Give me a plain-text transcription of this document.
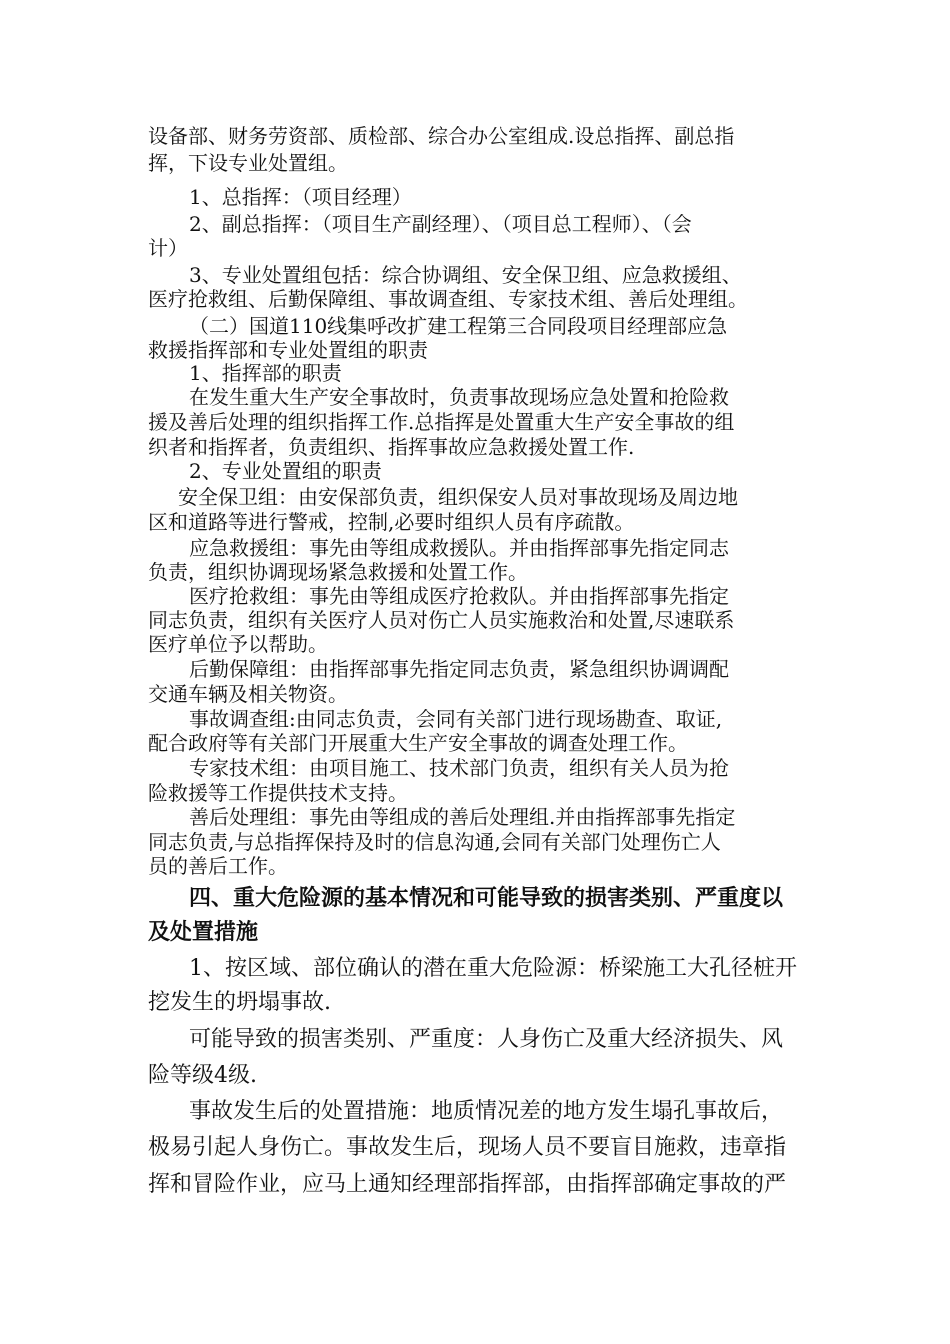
设备部、财务劳资部、质检部、综合办公室组成.设总指挥、副总指
挥，下设专业处置组。
1、总指挥：（项目经理）
2、副总指挥：（项目生产副经理）、（项目总工程师）、（会
计）
3、专业处置组包括：综合协调组、安全保卫组、应急救援组、
医疗抢救组、后勤保障组、事故调查组、专家技术组、善后处理组。
（二）国道110线集呼改扩建工程第三合同段项目经理部应急
救援指挥部和专业处置组的职责
1、指挥部的职责
在发生重大生产安全事故时，负责事故现场应急处置和抢险救
援及善后处理的组织指挥工作.总指挥是处置重大生产安全事故的组
织者和指挥者，负责组织、指挥事故应急救援处置工作.
2、专业处置组的职责
安全保卫组：由安保部负责，组织保安人员对事故现场及周边地
区和道路等进行警戒，控制,必要时组织人员有序疏散。
应急救援组：事先由等组成救援队。并由指挥部事先指定同志
负责，组织协调现场紧急救援和处置工作。
医疗抢救组：事先由等组成医疗抢救队。并由指挥部事先指定
同志负责，组织有关医疗人员对伤亡人员实施救治和处置,尽速联系
医疗单位予以帮助。
后勤保障组：由指挥部事先指定同志负责，紧急组织协调调配
交通车辆及相关物资。
事故调查组:由同志负责，会同有关部门进行现场勘查、取证,
配合政府等有关部门开展重大生产安全事故的调查处理工作。
专家技术组：由项目施工、技术部门负责，组织有关人员为抢
险救援等工作提供技术支持。
善后处理组：事先由等组成的善后处理组.并由指挥部事先指定
同志负责,与总指挥保持及时的信息沟通,会同有关部门处理伤亡人
员的善后工作。
四、重大危险源的基本情况和可能导致的损害类别、严重度以
及处置措施
1、按区域、部位确认的潜在重大危险源：桥梁施工大孔径桩开
挖发生的坍塌事故.
可能导致的损害类别、严重度：人身伤亡及重大经济损失、风
险等级4级.
事故发生后的处置措施：地质情况差的地方发生塌孔事故后，
极易引起人身伤亡。事故发生后，现场人员不要盲目施救，违章指
挥和冒险作业，应马上通知经理部指挥部，由指挥部确定事故的严
